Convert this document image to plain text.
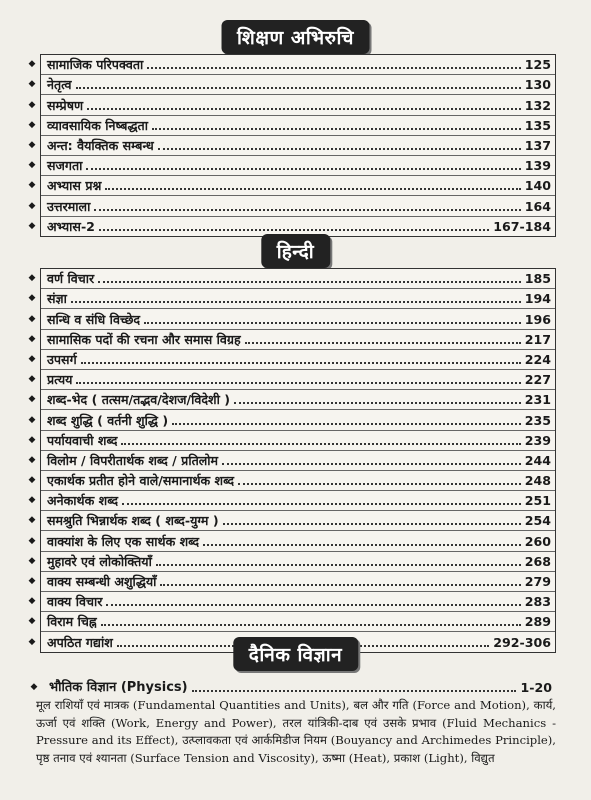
शिक्षण अभिरुचि
◆ सामाजिक परिपक्वता	125
◆ नेतृत्व	130
◆ सम्प्रेषण	132
◆ व्यावसायिक निष्बद्धता	135
◆ अन्त: वैयक्तिक सम्बन्ध	137
◆ सजगता	139
◆ अभ्यास प्रश्न	140
◆ उत्तरमाला	164
◆ अभ्यास-2	167-184
हिन्दी
◆ वर्ण विचार	185
◆ संज्ञा	194
◆ सन्धि व संधि विच्छेद	196
◆ सामासिक पदों की रचना और समास विग्रह	217
◆ उपसर्ग	224
◆ प्रत्यय	227
◆ शब्द-भेद ( तत्सम/तद्भव/देशज/विदेशी )	231
◆ शब्द शुद्धि ( वर्तनी शुद्धि )	235
◆ पर्यायवाची शब्द	239
◆ विलोम / विपरीतार्थक शब्द / प्रतिलोम	244
◆ एकार्थक प्रतीत होने वाले/समानार्थक शब्द	248
◆ अनेकार्थक शब्द	251
◆ समश्रुति भिन्नार्थक शब्द ( शब्द-युग्म )	254
◆ वाक्यांश के लिए एक सार्थक शब्द	260
◆ मुहावरे एवं लोकोक्तियाँ	268
◆ वाक्य सम्बन्धी अशुद्धियाँ	279
◆ वाक्य विचार	283
◆ विराम चिह्न	289
◆ अपठित गद्यांश	292-306
दैनिक विज्ञान
◆ भौतिक विज्ञान (Physics)	1-20
मूल राशियाँ एवं मात्रक (Fundamental Quantities and Units), बल और गति (Force and Motion), कार्य, ऊर्जा एवं शक्ति (Work, Energy and Power), तरल यांत्रिकी-दाब एवं उसके प्रभाव (Fluid Mechanics - Pressure and its Effect), उत्प्लावकता एवं आर्कमिडीज नियम (Bouyancy and Archimedes Principle), पृष्ठ तनाव एवं श्यानता (Surface Tension and Viscosity), ऊष्मा (Heat), प्रकाश (Light), विद्युत
